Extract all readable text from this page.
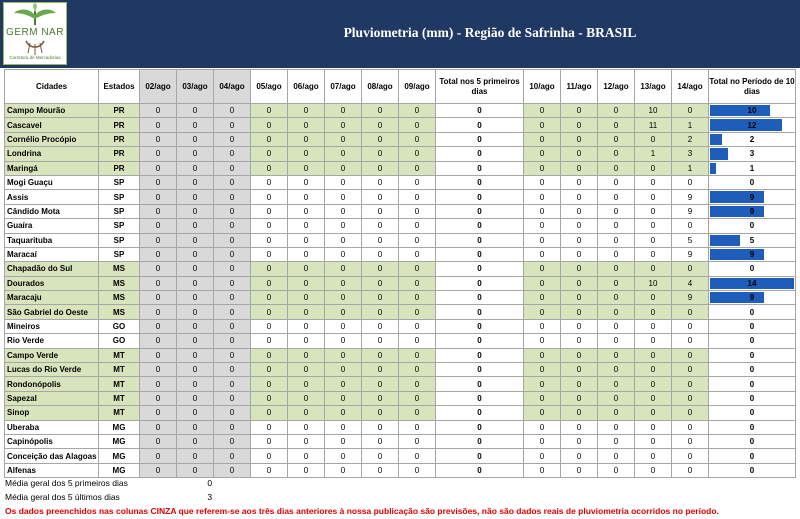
GERM NAR
Corretora de Mercadorias
Pluviometria (mm) - Região de Safrinha - BRASIL
Cidades	Estados	02/ago	03/ago	04/ago	05/ago	06/ago	07/ago	08/ago	09/ago	Total nos 5 primeiros dias	10/ago	11/ago	12/ago	13/ago	14/ago	Total no Período de 10 dias
Campo Mourão	PR	0	0	0	0	0	0	0	0	0	0	0	0	10	0	10
Cascavel	PR	0	0	0	0	0	0	0	0	0	0	0	0	11	1	12
Cornélio Procópio	PR	0	0	0	0	0	0	0	0	0	0	0	0	0	2	2
Londrina	PR	0	0	0	0	0	0	0	0	0	0	0	0	1	3	3
Maringá	PR	0	0	0	0	0	0	0	0	0	0	0	0	0	1	1
Mogi Guaçu	SP	0	0	0	0	0	0	0	0	0	0	0	0	0	0	0
Assis	SP	0	0	0	0	0	0	0	0	0	0	0	0	0	9	9
Cândido Mota	SP	0	0	0	0	0	0	0	0	0	0	0	0	0	9	9
Guaíra	SP	0	0	0	0	0	0	0	0	0	0	0	0	0	0	0
Taquarituba	SP	0	0	0	0	0	0	0	0	0	0	0	0	0	5	5
Maracaí	SP	0	0	0	0	0	0	0	0	0	0	0	0	0	9	9
Chapadão do Sul	MS	0	0	0	0	0	0	0	0	0	0	0	0	0	0	0
Dourados	MS	0	0	0	0	0	0	0	0	0	0	0	0	10	4	14
Maracaju	MS	0	0	0	0	0	0	0	0	0	0	0	0	0	9	9
São Gabriel do Oeste	MS	0	0	0	0	0	0	0	0	0	0	0	0	0	0	0
Mineiros	GO	0	0	0	0	0	0	0	0	0	0	0	0	0	0	0
Rio Verde	GO	0	0	0	0	0	0	0	0	0	0	0	0	0	0	0
Campo Verde	MT	0	0	0	0	0	0	0	0	0	0	0	0	0	0	0
Lucas do Rio Verde	MT	0	0	0	0	0	0	0	0	0	0	0	0	0	0	0
Rondonópolis	MT	0	0	0	0	0	0	0	0	0	0	0	0	0	0	0
Sapezal	MT	0	0	0	0	0	0	0	0	0	0	0	0	0	0	0
Sinop	MT	0	0	0	0	0	0	0	0	0	0	0	0	0	0	0
Uberaba	MG	0	0	0	0	0	0	0	0	0	0	0	0	0	0	0
Capinópolis	MG	0	0	0	0	0	0	0	0	0	0	0	0	0	0	0
Conceição das Alagoas	MG	0	0	0	0	0	0	0	0	0	0	0	0	0	0	0
Alfenas	MG	0	0	0	0	0	0	0	0	0	0	0	0	0	0	0
Média geral dos 5 primeiros dias	0
Média geral dos 5 últimos dias	3
Os dados preenchidos nas colunas CINZA que referem-se aos três dias anteriores à nossa publicação são previsões, não são dados reais de pluviometria ocorridos no período.
